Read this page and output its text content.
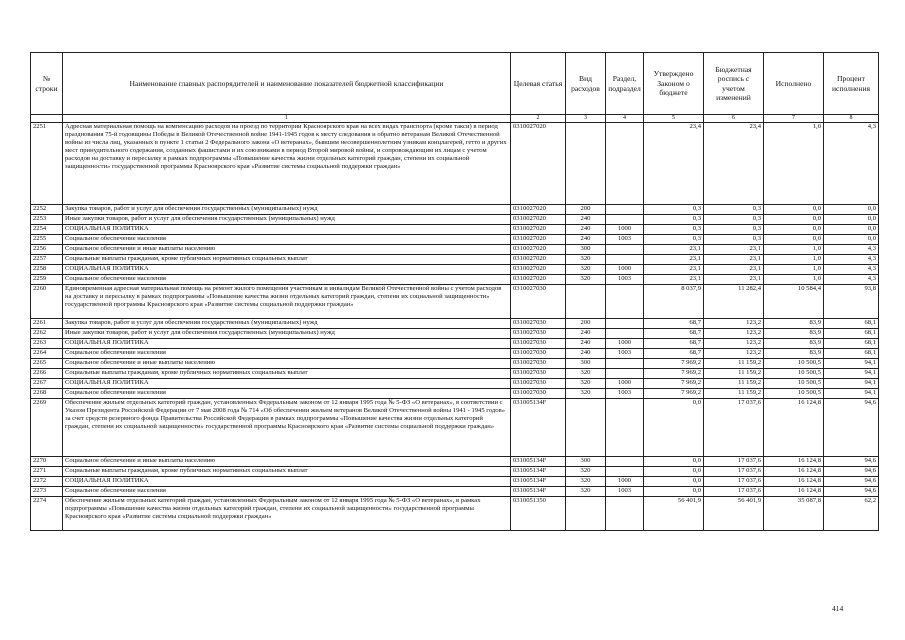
№ строки	Наименование главных распорядителей и наименование показателей бюджетной классификации	Целевая статья	Вид расходов	Раздел, подраздел	Утверждено Законом о бюджете	Бюджетная роспись с учетом изменений	Исполнено	Процент исполнения
	1	2	3	4	5	6	7	8
2251	Адресная материальная помощь на компенсацию расходов на проезд по территории Красноярского края на всех видах транспорта (кроме такси) в период празднования 75-й годовщины Победы в Великой Отечественной войне 1941-1945 годов к месту следования и обратно ветеранам Великой Отечественной войны из числа лиц, указанных в пункте 1 статьи 2 Федерального закона «О ветеранах», бывшим несовершеннолетним узникам концлагерей, гетто и других мест принудительного содержания, созданных фашистами и их союзниками в период Второй мировой войны, и сопровождающим их лицам с учетом расходов на доставку и пересылку в рамках подпрограммы «Повышение качества жизни отдельных категорий граждан, степени их социальной защищенности» государственной программы Красноярского края «Развитие системы социальной поддержки граждан»	0310027020			23,4	23,4	1,0	4,3
2252	Закупка товаров, работ и услуг для обеспечения государственных (муниципальных) нужд	0310027020	200		0,3	0,3	0,0	0,0
2253	Иные закупки товаров, работ и услуг для обеспечения государственных (муниципальных) нужд	0310027020	240		0,3	0,3	0,0	0,0
2254	СОЦИАЛЬНАЯ ПОЛИТИКА	0310027020	240	1000	0,3	0,3	0,0	0,0
2255	Социальное обеспечение населения	0310027020	240	1003	0,3	0,3	0,0	0,0
2256	Социальное обеспечение и иные выплаты населению	0310027020	300		23,1	23,1	1,0	4,3
2257	Социальные выплаты гражданам, кроме публичных нормативных социальных выплат	0310027020	320		23,1	23,1	1,0	4,3
2258	СОЦИАЛЬНАЯ ПОЛИТИКА	0310027020	320	1000	23,1	23,1	1,0	4,3
2259	Социальное обеспечение населения	0310027020	320	1003	23,1	23,1	1,0	4,3
2260	Единовременная адресная материальная помощь на ремонт жилого помещения участникам и инвалидам Великой Отечественной войны с учетом расходов на доставку и пересылку в рамках подпрограммы «Повышение качества жизни отдельных категорий граждан, степени их социальной защищенности» государственной программы Красноярского края «Развитие системы социальной поддержки граждан»	0310027030			8 037,9	11 282,4	10 584,4	93,8
2261	Закупка товаров, работ и услуг для обеспечения государственных (муниципальных) нужд	0310027030	200		68,7	123,2	83,9	68,1
2262	Иные закупки товаров, работ и услуг для обеспечения государственных (муниципальных) нужд	0310027030	240		68,7	123,2	83,9	68,1
2263	СОЦИАЛЬНАЯ ПОЛИТИКА	0310027030	240	1000	68,7	123,2	83,9	68,1
2264	Социальное обеспечение населения	0310027030	240	1003	68,7	123,2	83,9	68,1
2265	Социальное обеспечение и иные выплаты населению	0310027030	300		7 969,2	11 159,2	10 500,5	94,1
2266	Социальные выплаты гражданам, кроме публичных нормативных социальных выплат	0310027030	320		7 969,2	11 159,2	10 500,5	94,1
2267	СОЦИАЛЬНАЯ ПОЛИТИКА	0310027030	320	1000	7 969,2	11 159,2	10 500,5	94,1
2268	Социальное обеспечение населения	0310027030	320	1003	7 969,2	11 159,2	10 500,5	94,1
2269	Обеспечение жильем отдельных категорий граждан, установленных Федеральным законом от 12 января 1995 года № 5-ФЗ «О ветеранах», в соответствии с Указом Президента Российской Федерации от 7 мая 2008 года № 714 «Об обеспечении жильем ветеранов Великой Отечественной войны 1941 - 1945 годов» за счет средств резервного фонда Правительства Российской Федерации в рамках подпрограммы «Повышение качества жизни отдельных категорий граждан, степени их социальной защищенности» государственной программы Красноярского края «Развитие системы социальной поддержки граждан»	031005134F			0,0	17 037,6	16 124,8	94,6
2270	Социальное обеспечение и иные выплаты населению	031005134F	300		0,0	17 037,6	16 124,8	94,6
2271	Социальные выплаты гражданам, кроме публичных нормативных социальных выплат	031005134F	320		0,0	17 037,6	16 124,8	94,6
2272	СОЦИАЛЬНАЯ ПОЛИТИКА	031005134F	320	1000	0,0	17 037,6	16 124,8	94,6
2273	Социальное обеспечение населения	031005134F	320	1003	0,0	17 037,6	16 124,8	94,6
2274	Обеспечение жильем отдельных категорий граждан, установленных Федеральным законом от 12 января 1995 года № 5-ФЗ «О ветеранах», в рамках подпрограммы «Повышение качества жизни отдельных категорий граждан, степени их социальной защищенности» государственной программы Красноярского края «Развитие системы социальной поддержки граждан»	0310051350			56 401,9	56 401,9	35 087,8	62,2
414
